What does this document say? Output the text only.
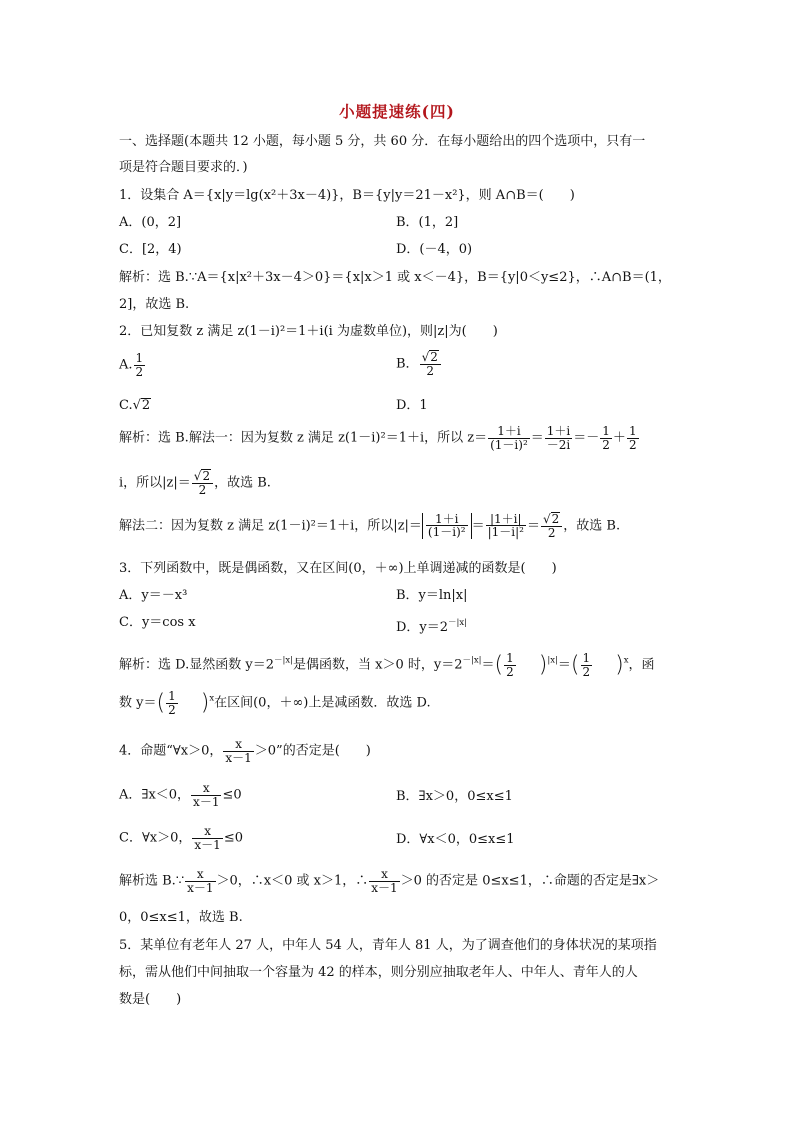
小题提速练(四)
一、选择题(本题共 12 小题，每小题 5 分，共 60 分．在每小题给出的四个选项中，只有一
项是符合题目要求的．)
1．设集合 A＝{x|y＝lg(x²＋3x－4)}，B＝{y|y＝21－x²}，则 A∩B＝(　　)
A．(0，2]	B．(1，2]
C．[2，4)	D．(－4，0)
解析：选 B.∵A＝{x|x²＋3x－4＞0}＝{x|x＞1 或 x＜－4}，B＝{y|0＜y≤2}，∴A∩B＝(1，
2]，故选 B.
2．已知复数 z 满足 z(1－i)²＝1＋i(i 为虚数单位)，则|z|为(　　)
A. $\frac{1}{2}$	B． $\frac{√2}{2}$
C.√2	D．1
解析：选 B.解法一：因为复数 z 满足 z(1－i)²＝1＋i，所以 $z= \frac{1+i}{\text{(1－i)²}} = \frac{1+i}{-2i} =- \frac{1}{2} + \frac{1}{2}$
i，所以$|z|= \frac{√2}{2}$ ，故选 B.
解法二：因为复数 z 满足 z(1－i)²＝1＋i，所以$|z|= \frac{1+i}{\text{(1－i)²}} = \frac{|1+i|}{\text{|1－i|²}} = \frac{√2}{2}$ ，故选 B.
3．下列函数中，既是偶函数，又在区间(0，＋∞)上单调递减的函数是(　　)
A．y＝－x³	B．y＝ln|x|
C．y＝cos x	D．$y=2^{-|x|}$
解析：选 D.显然函数 $y=2^{-|x|}$是偶函数，当 x＞0 时，$y=2^{-|x|}=( \frac{1}{2} )^{|x|}=( \frac{1}{2} )^x$，函
数 $y=( \frac{1}{2} )^x$在区间(0，＋∞)上是减函数．故选 D.
4．命题“∀x＞0， $\frac{x}{x-1} >0$”的否定是(　　)
A．∃x＜0， $\frac{x}{x-1} \le 0$	B．∃x＞0，0≤x≤1
C．∀x＞0， $\frac{x}{x-1} \le 0$	D．∀x＜0，0≤x≤1
解析选 B.∵ $\frac{x}{x-1} >0$，∴x＜0 或 x＞1，∴ $\frac{x}{x-1} >0$ 的否定是 0≤x≤1，∴命题的否定是∃x＞
0，0≤x≤1，故选 B.
5．某单位有老年人 27 人，中年人 54 人，青年人 81 人，为了调查他们的身体状况的某项指
标，需从他们中间抽取一个容量为 42 的样本，则分别应抽取老年人、中年人、青年人的人
数是(　　)
